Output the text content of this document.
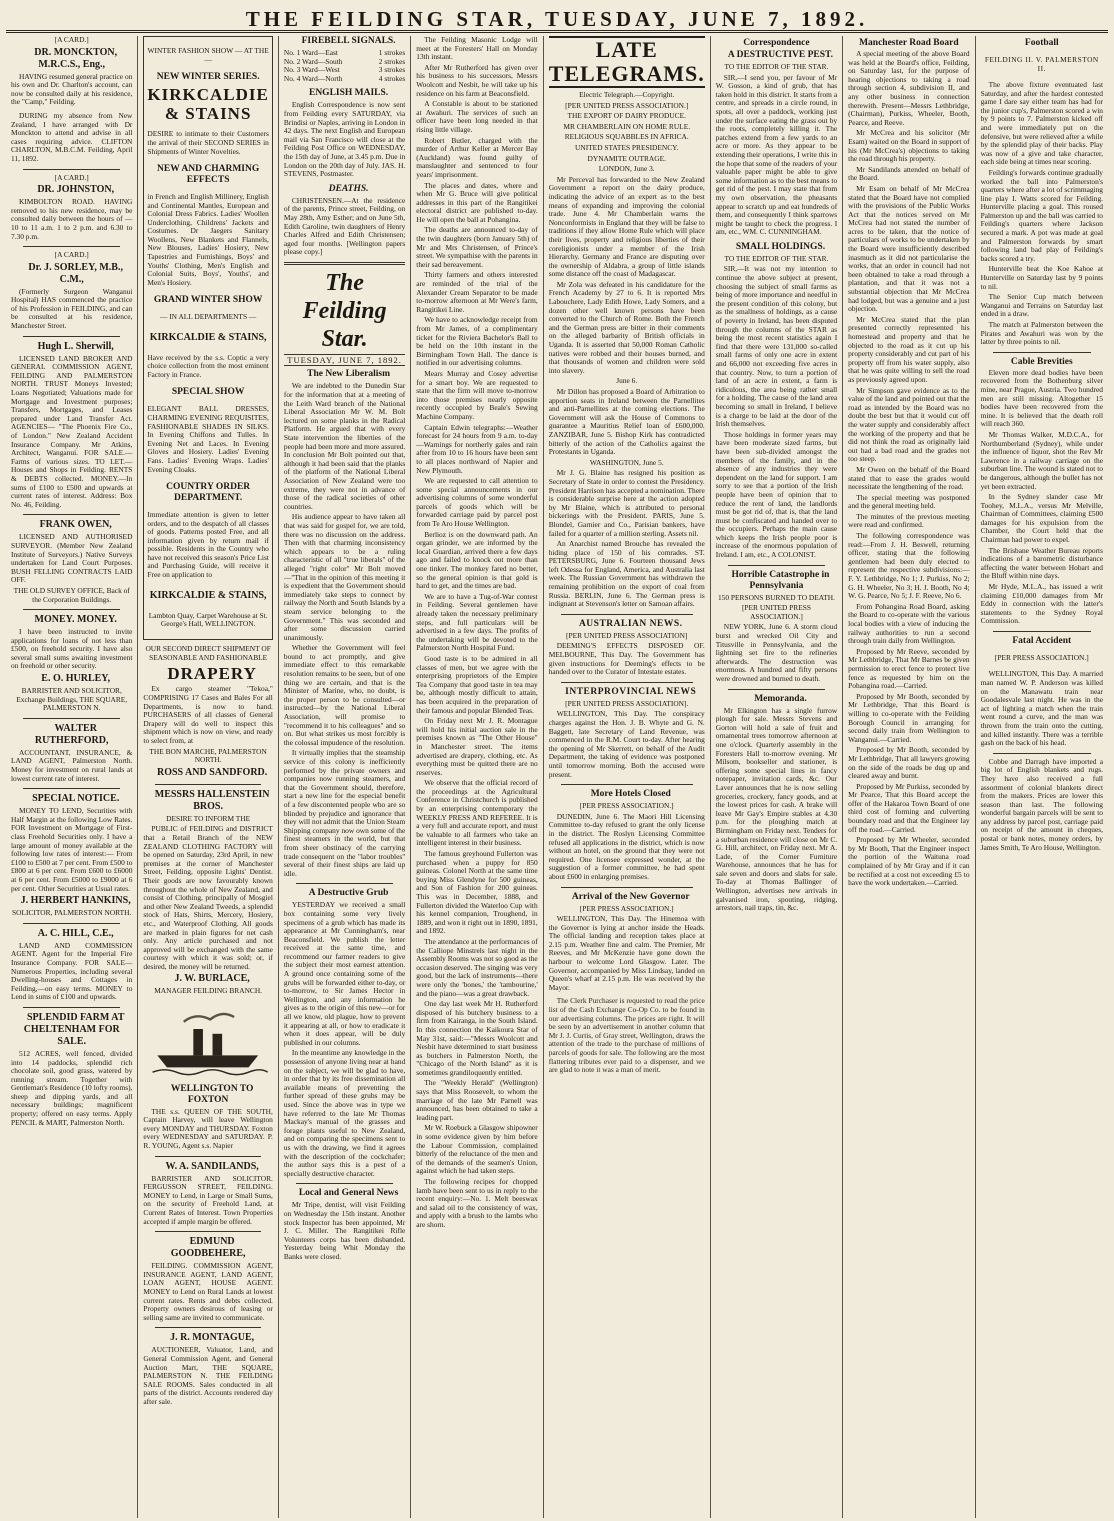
THE FEILDING STAR, TUESDAY, JUNE 7, 1892.

[A CARD.]

DR. MONCKTON, M.R.C.S., Eng.,

HAVING resumed general practice on his own and Dr. Charlton's account, can now be consulted daily at his residence, the "Camp," Feilding.

DURING my absence from New Zealand, I have arranged with Dr Monckton to attend and advise in all cases requiring advice. CLIFTON CHARLTON, M.B.C.M. Feilding, April 11, 1892.

[A CARD.]

DR. JOHNSTON,

KIMBOLTON ROAD. HAVING removed to his new residence, may be consulted daily between the hours of — 10 to 11 a.m. 1 to 2 p.m. and 6.30 to 7.30 p.m.

[A CARD.]

Dr. J. SORLEY, M.B., C.M.,

(Formerly Surgeon Wanganui Hospital) HAS commenced the practice of his Profession in FEILDING, and can be consulted at his residence, Manchester Street.

Hugh L. Sherwill,

LICENSED LAND BROKER AND GENERAL COMMISSION AGENT, FEILDING AND PALMERSTON NORTH. TRUST Moneys Invested; Loans Negotiated; Valuations made for Mortgage and Investment purposes; Transfers, Mortgages, and Leases prepared under Land Transfer Act. AGENCIES— "The Phoenix Fire Co., of London." New Zealand Accident Insurance Company. Mr Atkins, Architect, Wanganui. FOR SALE.—Farms of various sizes. TO LET.—Houses and Shops in Feilding. RENTS & DEBTS collected. MONEY.—In sums of £100 to £500 and upwards at current rates of interest. Address: Box No. 46, Feilding.

FRANK OWEN,

LICENSED AND AUTHORISED SURVEYOR. (Member New Zealand Institute of Surveyors.) Native Surveys undertaken for Land Court Purposes. BUSH FELLING CONTRACTS LAID OFF.

THE OLD SURVEY OFFICE, Back of the Corporation Buildings.

MONEY. MONEY.

I have been instructed to invite applications for loans of not less than £500, on freehold security. I have also several small sums awaiting investment on freehold or other security.

E. O. HURLEY,

BARRISTER AND SOLICITOR, Exchange Buildings, THE SQUARE, PALMERSTON N.

WALTER RUTHERFORD,

ACCOUNTANT, INSURANCE, & LAND AGENT, Palmerston North. Money for investment on rural lands at lowest current rate of interest.

SPECIAL NOTICE.

MONEY TO LEND, Securities with Half Margin at the following Low Rates. FOR Investment on Mortgage of First-class Freehold Securities only. I have a large amount of money available at the following low rates of interest:— From £100 to £500 at 7 per cent. From £500 to £800 at 6 per cent. From £600 to £6000 at 6 per cent. From £5000 to £9000 at 6 per cent. Other Securities at Usual rates.

J. HERBERT HANKINS,

SOLICITOR, PALMERSTON NORTH.

A. C. HILL, C.E.,

LAND AND COMMISSION AGENT. Agent for the Imperial Fire Insurance Company. FOR SALE—Numerous Properties, including several Dwelling-houses and Cottages in Feilding,—on easy terms. MONEY to Lend in sums of £100 and upwards.

SPLENDID FARM AT CHELTENHAM FOR SALE.

512 ACRES, well fenced, divided into 14 paddocks, splendid rich chocolate soil, good grass, watered by running stream. Together with Gentleman's Residence (10 lofty rooms), sheep and dipping yards, and all necessary buildings; magnificent property; offered on easy terms. Apply PENCIL & MART, Palmerston North.

WINTER FASHION SHOW — AT THE —

NEW WINTER SERIES.

KIRKCALDIE & STAINS

DESIRE to intimate to their Customers the arrival of their SECOND SERIES in Shipments of Winter Novelties.

NEW AND CHARMING EFFECTS

in French and English Millinery, English and Continental Mantles, European and Colonial Dress Fabrics. Ladies' Woollen Underclothing, Childrens' Jackets and Costumes. Dr Jaegers Sanitary Woollens, New Blankets and Flannels, New Blouses, Ladies' Hosiery, New Tapestries and Furnishings, Boys' and Youths' Clothing, Men's English and Colonial Suits, Boys', Youths', and Men's Hosiery.

GRAND WINTER SHOW

— IN ALL DEPARTMENTS —

KIRKCALDIE & STAINS,

Have received by the s.s. Coptic a very choice collection from the most eminent Factory in France.

SPECIAL SHOW

ELEGANT BALL DRESSES, CHARMING EVENING REQUISITES, FASHIONABLE SHADES IN SILKS. In Evening Chiffons and Tulles. In Evening Net and Laces. In Evening Gloves and Hosiery. Ladies' Evening Fans. Ladies' Evening Wraps. Ladies' Evening Cloaks.

COUNTRY ORDER DEPARTMENT.

Immediate attention is given to letter orders, and to the despatch of all classes of goods. Patterns posted Free, and all information given by return mail if possible. Residents in the Country who have not received this season's Price List and Purchasing Guide, will receive it Free on application to

KIRKCALDIE & STAINS,

Lambton Quay, Carpet Warehouse at St. George's Hall, WELLINGTON.

OUR SECOND DIRECT SHIPMENT OF SEASONABLE AND FASHIONABLE

DRAPERY

Ex cargo steamer "Tekoa," COMPRISING 17 Cases and Bales For all Departments, is now to hand. PURCHASERS of all classes of General Drapery will do well to inspect this shipment which is now on view, and ready to select from, at

THE BON MARCHE, PALMERSTON NORTH.

ROSS AND SANDFORD.

MESSRS HALLENSTEIN BROS.

DESIRE TO INFORM THE

PUBLIC of FEILDING and DISTRICT that a Retail Branch of the NEW ZEALAND CLOTHING FACTORY will be opened on Saturday, 23rd April, in new premises at the corner of Manchester Street, Feilding, opposite Lights' Dentist. Their goods are now favourably known throughout the whole of New Zealand, and consist of Clothing, principally of Mosgiel and other New Zealand Tweeds, a splendid stock of Hats, Shirts, Mercery, Hosiery, etc., and Waterproof Clothing. All goods are marked in plain figures for net cash only. Any article purchased and not approved will be exchanged with the same courtesy with which it was sold; or, if desired, the money will be returned.

J. W. BURLACE,

MANAGER FEILDING BRANCH.

WELLINGTON TO FOXTON

THE s.s. QUEEN OF THE SOUTH, Captain Harvey, will leave Wellington every MONDAY and THURSDAY. Foxton every WEDNESDAY and SATURDAY. P. R. YOUNG, Agent s.s. Napier

W. A. SANDILANDS,

BARRISTER AND SOLICITOR. FERGUSSON STREET, FEILDING. MONEY to Lend, in Large or Small Sums, on the security of Freehold Land, at Current Rates of Interest. Town Properties accepted if ample margin be offered.

EDMUND GOODBEHERE,

FEILDING. COMMISSION AGENT, INSURANCE AGENT, LAND AGENT, LOAN AGENT, HOUSE AGENT. MONEY to Lend on Rural Lands at lowest current rates. Rents and debts collected. Property owners desirous of leasing or selling same are invited to communicate.

J. R. MONTAGUE,

AUCTIONEER, Valuator, Land, and General Commission Agent, and General Auction Mart, THE SQUARE, PALMERSTON N. THE FEILDING SALE ROOMS. Sales conducted in all parts of the district. Accounts rendered day after sale.

FIREBELL SIGNALS.

No. 1 Ward—East	1 strokes
No. 2 Ward—South	2 strokes
No. 3 Ward—West	3 strokes
No. 4 Ward—North	4 strokes

ENGLISH MAILS.

English Correspondence is now sent from Feilding every SATURDAY, via Brindisi or Naples, arriving in London in 42 days. The next English and European mail via San Francisco will close at the Feilding Post Office on WEDNESDAY, the 15th day of June, at 3.45 p.m. Due in London on the 20th day of July. JAS. H. STEVENS, Postmaster.

DEATHS.

CHRISTENSEN.—At the residence of the parents, Prince street, Feilding, on May 28th, Amy Esther; and on June 5th, Edith Caroline, twin daughters of Henry Charles Alfred and Edith Christensen; aged four months. [Wellington papers please copy.]

The Feilding Star.
TUESDAY, JUNE 7, 1892.

The New Liberalism

We are indebted to the Dunedin Star for the information that at a meeting of the Leith Ward branch of the National Liberal Association Mr W. M. Bolt lectured on some planks in the Radical Platform. He argued that with every State intervention the liberties of the people had been more and more assured. In conclusion Mr Bolt pointed out that, although it had been said that the planks of the platform of the National Liberal Association of New Zealand were too extreme, they were not in advance of those of the radical societies of other countries.

His audience appear to have taken all that was said for gospel for, we are told, there was no discussion on the address. Then with that charming inconsistency which appears to be a ruling characteristic of all "true liberals" of the alleged "right color" Mr Bolt moved—"That in the opinion of this meeting it is expedient that the Government should immediately take steps to connect by railway the North and South Islands by a steam service belonging to the Government." This was seconded and after some discussion carried unanimously.

Whether the Government will feel bound to act promptly, and give immediate effect to this remarkable resolution remains to be seen, but of one thing we are certain, and that is the Minister of Marine, who, no doubt, is the proper person to be consulted—or instructed—by the National Liberal Association, will promise to "recommend it to his colleagues" and so on. But what strikes us most forcibly is the colossal impudence of the resolution.

It virtually implies that the steamship service of this colony is inefficiently performed by the private owners and companies now running steamers, and that the Government should, therefore, start a new line for the especial benefit of a few discontented people who are so blinded by prejudice and ignorance that they will not admit that the Union Steam Shipping company now own some of the finest steamers in the world, but that from sheer obstinacy of the carrying trade consequent on the "labor troubles" several of their finest ships are laid up idle.

A Destructive Grub

YESTERDAY we received a small box containing some very lively specimens of a grub which has made its appearance at Mr Cunningham's, near Beaconsfield. We publish the letter received at the same time, and recommend our farmer readers to give the subject their most earnest attention. A ground once containing some of the grubs will be forwarded either to-day, or to-morrow, to Sir James Hector in Wellington, and any information he gives as to the origin of this new—or for all we know, old plague, how to prevent it appearing at all, or how to eradicate it when it does appear, will be duly published in our columns.

In the meantime any knowledge in the possession of anyone living near at hand on the subject, we will be glad to have, in order that by its free dissemination all available means of preventing the further spread of these grubs may be used. Since the above was in type we have referred to the late Mr Thomas Mackay's manual of the grasses and forage plants useful to New Zealand, and on comparing the specimens sent to us with the drawing, we find it agrees with the description of the cockchafer; the author says this is a pest of a specially destructive character.

Local and General News

Mr Tripe, dentist, will visit Feilding on Wednesday the 15th instant. Another stock Inspector has been appointed, Mr J. C. Miller. The Rangitikei Rifle Volunteers corps has been disbanded. Yesterday being Whit Monday the Banks were closed.

The Feilding Masonic Lodge will meet at the Foresters' Hall on Monday 13th instant.

After Mr Rutherford has given over his business to his successors, Messrs Woolcott and Nesbit, he will take up his residence on his farm at Beaconsfield.

A Constable is about to be stationed at Awahuri. The services of such an officer have been long needed in that rising little village.

Robert Butler, charged with the murder of Arthur Keller at Mercer Bay (Auckland) was found guilty of manslaughter and sentenced to four years' imprisonment.

The places and dates, where and when Mr G. Bruce will give political addresses in this part of the Rangitikei electoral district are published to-day. He will open the ball at Pohangina.

The deaths are announced to-day of the twin daughters (born January 5th) of Mr and Mrs Christensen, of Prince's street. We sympathise with the parents in their sad bereavement.

Thirty farmers and others interested are reminded of the trial of the Alexander Cream Separator to be made to-morrow afternoon at Mr Were's farm, Rangitikei Line.

We have to acknowledge receipt from from Mr James, of a complimentary ticket for the Riviera Bachelor's Ball to be held on the 10th instant in the Birmingham Town Hall. The dance is notified in our advertising columns.

Mears Murray and Cosey advertise for a smart boy. We are requested to state that the firm will move to-morrow into those premises nearly opposite recently occupied by Beale's Sewing Machine Company.

Captain Edwin telegraphs:—Weather forecast for 24 hours from 9 a.m. to-day—Warnings for northerly gales and rain after from 10 to 16 hours have been sent to all places northward of Napier and New Plymouth.

We are requested to call attention to some special announcements in our advertising columns of some wonderful parcels of goods which will be forwarded carriage paid by parcel post from Te Aro House Wellington.

Berlioz is on the downward path. An organ grinder, we are informed by the local Guardian, arrived there a few days ago and failed to knock out more than one tinker. The monkey fared no better, so the general opinion is that gold is hard to get, and the times are bad.

We are to have a Tug-of-War contest in Feilding. Several gentlemen have already taken the necessary preliminary steps, and full particulars will be advertised in a few days. The profits of the undertaking will be devoted to the Palmerston North Hospital Fund.

Good taste is to be admired in all classes of men, but we agree with the enterprising proprietors of the Empire Tea Company that good taste in tea may be, although mostly difficult to attain, has been acquired in the preparation of their famous and popular Blended Teas.

On Friday next Mr J. R. Montague will hold his initial auction sale in the premises known as "The Other House" in Manchester street. The items advertised are drapery, clothing, etc. As everything must be quitted there are no reserves.

We observe that the official record of the proceedings at the Agricultural Conference in Christchurch is published by an enterprising contemporary the WEEKLY PRESS AND REFEREE. It is a very full and accurate report, and must be valuable to all farmers who take an intelligent interest in their business.

The famous greyhound Fullerton was purchased when a puppy for 850 guineas. Colonel North at the same time buying Miss Glendyne for 500 guineas, and Son of Fashion for 200 guineas. This was in December, 1888, and Fullerton divided the Waterloo Cup with his kennel companion, Troughend, in 1889, and won it right out in 1890, 1891, and 1892.

The attendance at the performances of the Calliope Minstrels last night in the Assembly Rooms was not so good as the occasion deserved. The singing was very good, but the lack of instruments—there were only the 'bones,' the 'tambourine,' and the piano—was a great drawback.

One day last week Mr H. Rutherford disposed of his butchery business to a firm from Kairanga, in the South Island. In this connection the Kaikoura Star of May 31st, said:—"Messrs Woolcott and Nesbit have determined to start business as butchers in Palmerston North, the "Chicago of the North Island" as it is sometimes grandiloquently entitled.

The "Weekly Herald" (Wellington) says that Miss Roosevelt, to whom the marriage of the late Mr Parnell was announced, has been obtained to take a leading part.

Mr W. Roebuck a Glasgow shipowner in some evidence given by him before the Labour Commission, complained bitterly of the reluctance of the men and of the demands of the seamen's Union, against which he had taken steps.

The following recipes for chopped lamb have been sent to us in reply to the recent enquiry:—No. 1. Melt beeswax and salad oil to the consistency of wax, and apply with a brush to the lambs who are shorn.

LATE TELEGRAMS.

Electric Telegraph.—Copyright.

[PER UNITED PRESS ASSOCIATION.]

THE EXPORT OF DAIRY PRODUCE.

MR CHAMBERLAIN ON HOME RULE.

RELIGIOUS SQUABBLES IN AFRICA.

UNITED STATES PRESIDENCY.

DYNAMITE OUTRAGE.

LONDON, June 3.

Mr Perceval has forwarded to the New Zealand Government a report on the dairy produce, indicating the advice of an expert as to the best means of expanding and improving the colonial trade. June 4. Mr Chamberlain warns the Nonconformists in England that they will be false to traditions if they allow Home Rule which will place their lives, property and religious liberties of their coreligionists under a member of the Irish Hierarchy. Germany and France are disputing over the ownership of Aldabra, a group of little islands some distance off the coast of Madagascar.

Mr Zola was defeated in his candidature for the French Academy by 27 to 6. It is reported Mrs Labouchere, Lady Edith Howe, Lady Somers, and a dozen other well known persons have been converted to the Church of Rome. Both the French and the German press are bitter in their comments on the alleged barbarity of British officials in Uganda. It is asserted that 50,000 Roman Catholic natives were robbed and their houses burned, and that thousands of women and children were sold into slavery.

June 6.

Mr Dillon has proposed a Board of Arbitration to apportion seats in Ireland between the Parnellites and anti-Parnellites at the coming elections. The Government will ask the House of Commons to guarantee a Mauritius Relief loan of £600,000. ZANZIBAR, June 5. Bishop Kirk has contradicted bitterly of the action of the Catholics against the Protestants in Uganda.

WASHINGTON, June 5.

Mr J. G. Blaine has resigned his position as Secretary of State in order to contest the Presidency. President Harrison has accepted a nomination. There is considerable surprise here at the action adopted by Mr Blaine, which is attributed to personal bickerings with the President. PARIS, June 5. Blondel, Garnier and Co., Parisian bankers, have failed for a quarter of a million sterling. Assets nil.

An Anarchist named Brouche has revealed the hiding place of 150 of his comrades. ST. PETERSBURG, June 6. Fourteen thousand Jews left Odessa for England, America, and Australia last week. The Russian Government has withdrawn the remaining prohibition on the export of coal from Russia. BERLIN, June 6. The German press is indignant at Stevenson's letter on Samoan affairs.

AUSTRALIAN NEWS.

[PER UNITED PRESS ASSOCIATION]

DEEMING'S EFFECTS DISPOSED OF. MELBOURNE, This Day. The Government has given instructions for Deeming's effects to be handed over to the Curator of Intestate estates.

INTERPROVINCIAL NEWS

[PER UNITED PRESS ASSOCIATION].

WELLINGTON, This Day. The conspiracy charges against the Hon. J. B. Whyte and G. N. Baggett, late Secretary of Land Revenue, was commenced in the R.M. Court to-day. After hearing the opening of Mr Skerrett, on behalf of the Audit Department, the taking of evidence was postponed until tomorrow morning. Both the accused were present.

More Hotels Closed

[PER PRESS ASSOCIATION.]

DUNEDIN, June 6. The Maori Hill Licensing Committee to-day refused to grant the only license in the district. The Roslyn Licensing Committee refused all applications in the district, which is now without an hotel, on the ground that they were not required. One licensee expressed wonder, at the suggestion of a former committee, he had spent about £600 in enlarging premises.

Arrival of the New Governor

[PER PRESS ASSOCIATION.]

WELLINGTON, This Day. The Hinemoa with the Governor is lying at anchor inside the Heads. The official landing and reception takes place at 2.15 p.m. Weather fine and calm. The Premier, Mr Reeves, and Mr McKenzie have gone down the harbour to welcome Lord Glasgow. Later. The Governor, accompanied by Miss Lindsay, landed on Queen's wharf at 2.15 p.m. He was received by the Mayor.

The Clerk Purchaser is requested to read the price list of the Cash Exchange Co-Op Co. to be found in our advertising columns. The prices are right. It will be seen by an advertisement in another column that Mr J. J. Curtis, of Gray street, Wellington, draws the attention of the trade to the purchase of millions of parcels of goods for sale. The following are the most flattering tributes ever paid to a dispenser, and we are glad to note it was a man of merit.

Correspondence

A DESTRUCTIVE PEST.

TO THE EDITOR OF THE STAR.

SIR,—I send you, per favour of Mr W. Gosson, a kind of grub, that has taken hold in this district. It starts from a centre, and spreads in a circle round, in spots, all over a paddock, working just under the surface eating the grass out by the roots, completely killing it. The patches extend from a few yards to an acre or more. As they appear to be extending their operations, I write this in the hope that some of the readers of your valuable paper might be able to give some information as to the best means to get rid of the pest. I may state that from my own observation, the pheasants appear to scratch up and eat hundreds of them, and consequently I think sparrows might be taught to check the progress. I am, etc., WM. C. CUNNINGHAM.

SMALL HOLDINGS.

TO THE EDITOR OF THE STAR.

SIR,—It was not my intention to continue the above subject at present, choosing the subject of small farms as being of more importance and needful in the present condition of this colony, but as the smallness of holdings, as a cause of poverty in Ireland, has been disputed through the columns of the STAR as being the most recent statistics again I find that there were 131,000 so-called small farms of only one acre in extent and 66,000 not exceeding five acres in that country. Now, to turn a portion of land of an acre in extent, a farm is ridiculous, the area being rather small for a holding. The cause of the land area becoming so small in Ireland, I believe is a charge to be laid at the door of the Irish themselves.

Those holdings in former years may have been moderate sized farms, but have been sub-divided amongst the members of the family, and in the absence of any industries they were dependent on the land for support. I am sorry to see that a portion of the Irish people have been of opinion that to reduce the rent of land, the landlords must be got rid of, that is, that the land must be confiscated and handed over to the occupiers. Perhaps the main cause which keeps the Irish people poor is increase of the enormous population of Ireland. I am, etc., A COLONIST.

Horrible Catastrophe in Pennsylvania

150 PERSONS BURNED TO DEATH.

[PER UNITED PRESS ASSOCIATION.]

NEW YORK, June 6. A storm cloud burst and wrecked Oil City and Titusville in Pennsylvania, and the lightning set fire to the refineries afterwards. The destruction was enormous. A hundred and fifty persons were drowned and burned to death.

Memoranda.

Mr Elkington has a single furrow plough for sale. Messrs Stevens and Gorton will hold a sale of fruit and ornamental trees tomorrow afternoon at one o'clock. Quarterly assembly in the Foresters Hall to-morrow evening. Mr Milsom, bookseller and stationer, is offering some special lines in fancy notepaper, invitation cards, &c. Our Laver announces that he is now selling groceries, crockery, fancy goods, and at the lowest prices for cash. A brake will leave Mr Gay's Empire stables at 4.30 p.m. for the ploughing match at Birmingham on Friday next. Tenders for a suburban residence will close on Mr C. G. Hill, architect, on Friday next. Mr A. Lade, of the Corner Furniture Warehouse, announces that he has for sale seven and doors and slabs for sale. To-day at Thomas Ballinger of Wellington, advertises new arrivals in galvanised iron, spouting, ridging, arrestors, nail traps, tin, &c.

Manchester Road Board

A special meeting of the above Board was held at the Board's office, Feilding, on Saturday last, for the purpose of hearing objections to taking a road through section 4, subdivision II, and any other business in connection therewith. Present—Messrs Lethbridge, (Chairman), Purkiss, Wheeler, Booth, Pearce, and Reeve.

Mr McCrea and his solicitor (Mr Esam) waited on the Board in support of his (Mr McCrea's) objections to taking the road through his property.

Mr Sandilands attended on behalf of the Board.

Mr Esam on behalf of Mr McCrea stated that the Board have not complied with the provisions of the Public Works Act that the notices served on Mr McCrea had not stated the number of acres to be taken, that the notice of particulars of works to be undertaken by the Board were insufficiently described inasmuch as it did not particularise the works, that an order in council had not been obtained to take a road through a plantation, and that it was not a substantial objection that Mr McCrea had lodged, but was a genuine and a just objection.

Mr McCrea stated that the plan presented correctly represented his homestead and property and that he objected to the road as it cut up his property considerably and cut part of his property off from his water supply, also that he was quite willing to sell the road as previously agreed upon.

Mr Simpson gave evidence as to the value of the land and pointed out that the road as intended by the Board was no doubt the best but that it would cut off the water supply and considerably affect the working of the property and that he did not think the road as originally laid out had a bad road and the grades not too steep.

Mr Owen on the behalf of the Board stated that to ease the grades would necessitate the lengthening of the road.

The special meeting was postponed and the general meeting held.

The minutes of the previous meeting were read and confirmed.

The following correspondence was read:—From J. H. Beswell, returning officer, stating that the following gentlemen had been duly elected to represent the respective subdivisions:—F. Y. Lethbridge, No 1; J. Purkiss, No 2; G. H. Wheeler, No 3; H. J. Booth, No 4; W. G. Pearce, No 5; J. F. Reeve, No 6.

From Pohangina Road Board, asking the Board to co-operate with the various local bodies with a view of inducing the railway authorities to run a second through train daily from Wellington.

Proposed by Mr Reeve, seconded by Mr Lethbridge, That Mr Barnes be given permission to erect fence to protect live fence as requested by him on the Pohangina road.—Carried.

Proposed by Mr Booth, seconded by Mr Lethbridge, That this Board is willing to co-operate with the Feilding Borough Council in arranging for second daily train from Wellington to Wanganui.—Carried.

Proposed by Mr Booth, seconded by Mr Lethbridge, That all lawyers growing on the side of the roads be dug up and cleared away and burnt.

Proposed by Mr Purkiss, seconded by Mr Pearce, That this Board accept the offer of the Hakaroa Town Board of one third cost of forming and culverting boundary road and that the Engineer lay off the road.—Carried.

Proposed by Mr Wheeler, seconded by Mr Booth, That the Engineer inspect the portion of the Waituna road complained of by Mr Gray and if it can be rectified at a cost not exceeding £5 to have the work undertaken.—Carried.

Football

FEILDING II. V. PALMERSTON II.

The above fixture eventuated last Saturday, and after the hardest contested game I dare say either team has had for the junior cup's, Palmerston scored a win by 9 points to 7. Palmerston kicked off and were immediately put on the defensive, but were relieved after a while by the splendid play of their backs. Play was now of a give and take character, each side being at times near scoring.

Feilding's forwards continue gradually worked the ball into Palmerston's quarters where after a lot of scrimmaging line play I. Watts scored for Feilding. Hunterville placing a goal. This roused Palmerston up and the ball was carried to Feilding's quarters where Jackson secured a mark. A pot was made at goal and Palmerston forwards by smart following land bad play of Feilding's backs scored a try.

Hunterville beat the Koe Kahoe at Hunterville on Saturday last by 9 points to nil.

The Senior Cup match between Wanganui and Terrains on Saturday last ended in a draw.

The match at Palmerston between the Pirates and Awahuri was won by the latter by three points to nil.

Cable Brevities

Eleven more dead bodies have been recovered from the Bothenburg silver mine, near Prague, Austria. Two hundred men are still missing. Altogether 15 bodies have been recovered from the mine. It is believed that the death roll will reach 360.

Mr Thomas Walker, M.D.C.A., for Northumberland (Sydney), while under the influence of liquor, shot the Rev Mr Lawrence in a railway carriage on the suburban line. The wound is stated not to be dangerous, although the bullet has not yet been extracted.

In the Sydney slander case Mr Toohey, M.L.A., versus Mr Melville, Chairman of Committees, claiming £500 damages for his expulsion from the Chamber, the Court held that the Chairman had power to expel.

The Brisbane Weather Bureau reports indications of a barometric disturbance affecting the water between Hobart and the Bluff within nine days.

Mr Hyde, M.L.A., has issued a writ claiming £10,000 damages from Mr Eddy in connection with the latter's statements to the Sydney Royal Commission.

Fatal Accident

[PER PRESS ASSOCIATION.]

WELLINGTON, This Day. A married man named W. P. Anderson was killed on the Manawatu train near Goodalesvale last night. He was in the act of lighting a match when the train went round a curve, and the man was thrown from the train onto the cutting, and killed instantly. There was a terrible gash on the back of his head.

Cobbe and Darragh have imported a big lot of English blankets and rugs. They have also received a full assortment of colonial blankets direct from the makers. Prices are lower this season than last. The following wonderful bargain parcels will be sent to any address by parcel post, carriage paid on receipt of the amount in cheques, postal or bank notes, money orders, by James Smith, Te Aro House, Wellington.
